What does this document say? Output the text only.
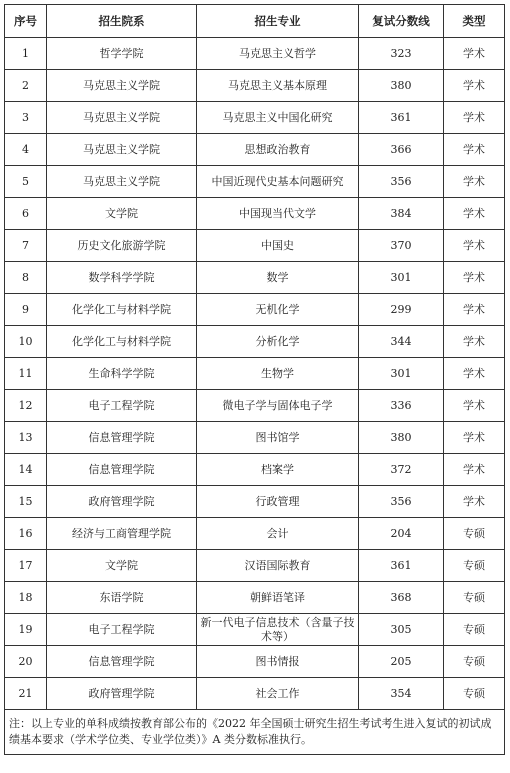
序号	招生院系	招生专业	复试分数线	类型
1	哲学学院	马克思主义哲学	323	学术
2	马克思主义学院	马克思主义基本原理	380	学术
3	马克思主义学院	马克思主义中国化研究	361	学术
4	马克思主义学院	思想政治教育	366	学术
5	马克思主义学院	中国近现代史基本问题研究	356	学术
6	文学院	中国现当代文学	384	学术
7	历史文化旅游学院	中国史	370	学术
8	数学科学学院	数学	301	学术
9	化学化工与材料学院	无机化学	299	学术
10	化学化工与材料学院	分析化学	344	学术
11	生命科学学院	生物学	301	学术
12	电子工程学院	微电子学与固体电子学	336	学术
13	信息管理学院	图书馆学	380	学术
14	信息管理学院	档案学	372	学术
15	政府管理学院	行政管理	356	学术
16	经济与工商管理学院	会计	204	专硕
17	文学院	汉语国际教育	361	专硕
18	东语学院	朝鲜语笔译	368	专硕
19	电子工程学院	新一代电子信息技术（含量子技术等）	305	专硕
20	信息管理学院	图书情报	205	专硕
21	政府管理学院	社会工作	354	专硕
注：以上专业的单科成绩按教育部公布的《2022 年全国硕士研究生招生考试考生进入复试的初试成绩基本要求（学术学位类、专业学位类）》A 类分数标准执行。				
